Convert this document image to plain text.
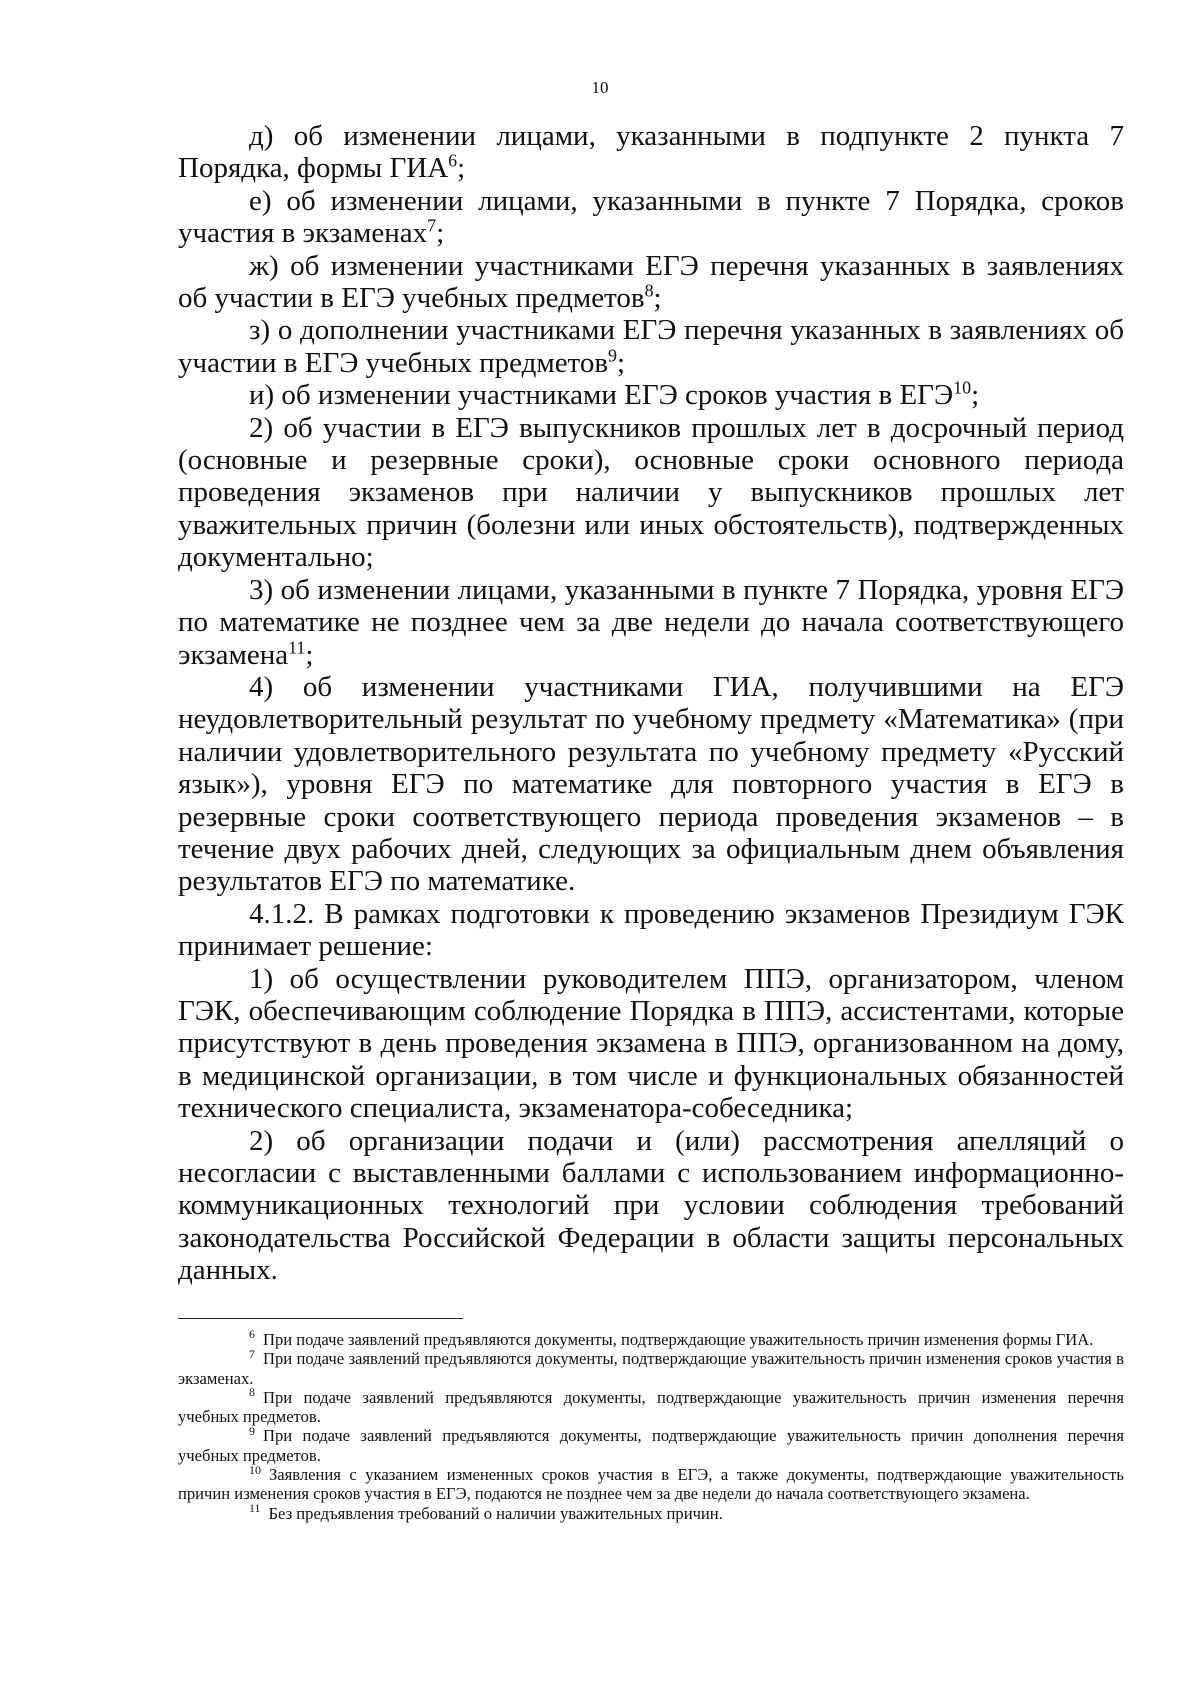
10

д) об изменении лицами, указанными в подпункте 2 пункта 7 Порядка, формы ГИА$^6$;

е) об изменении лицами, указанными в пункте 7 Порядка, сроков участия в экзаменах$^7$;

ж) об изменении участниками ЕГЭ перечня указанных в заявлениях об участии в ЕГЭ учебных предметов$^8$;

з) о дополнении участниками ЕГЭ перечня указанных в заявлениях об участии в ЕГЭ учебных предметов$^9$;

и) об изменении участниками ЕГЭ сроков участия в ЕГЭ$^{10}$;

2) об участии в ЕГЭ выпускников прошлых лет в досрочный период (основные и резервные сроки), основные сроки основного периода проведения экзаменов при наличии у выпускников прошлых лет уважительных причин (болезни или иных обстоятельств), подтвержденных документально;

3) об изменении лицами, указанными в пункте 7 Порядка, уровня ЕГЭ по математике не позднее чем за две недели до начала соответствующего экзамена$^{11}$;

4) об изменении участниками ГИА, получившими на ЕГЭ неудовлетворительный результат по учебному предмету «Математика» (при наличии удовлетворительного результата по учебному предмету «Русский язык»), уровня ЕГЭ по математике для повторного участия в ЕГЭ в резервные сроки соответствующего периода проведения экзаменов – в течение двух рабочих дней, следующих за официальным днем объявления результатов ЕГЭ по математике.

4.1.2. В рамках подготовки к проведению экзаменов Президиум ГЭК принимает решение:

1) об осуществлении руководителем ППЭ, организатором, членом ГЭК, обеспечивающим соблюдение Порядка в ППЭ, ассистентами, которые присутствуют в день проведения экзамена в ППЭ, организованном на дому, в медицинской организации, в том числе и функциональных обязанностей технического специалиста, экзаменатора-собеседника;

2) об организации подачи и (или) рассмотрения апелляций о несогласии с выставленными баллами с использованием информационно-коммуникационных технологий при условии соблюдения требований законодательства Российской Федерации в области защиты персональных данных.

$^6$ При подаче заявлений предъявляются документы, подтверждающие уважительность причин изменения формы ГИА.

$^7$ При подаче заявлений предъявляются документы, подтверждающие уважительность причин изменения сроков участия в экзаменах.

$^8$ При подаче заявлений предъявляются документы, подтверждающие уважительность причин изменения перечня учебных предметов.

$^9$ При подаче заявлений предъявляются документы, подтверждающие уважительность причин дополнения перечня учебных предметов.

$^{10}$ Заявления с указанием измененных сроков участия в ЕГЭ, а также документы, подтверждающие уважительность причин изменения сроков участия в ЕГЭ, подаются не позднее чем за две недели до начала соответствующего экзамена.

$^{11}$ Без предъявления требований о наличии уважительных причин.
